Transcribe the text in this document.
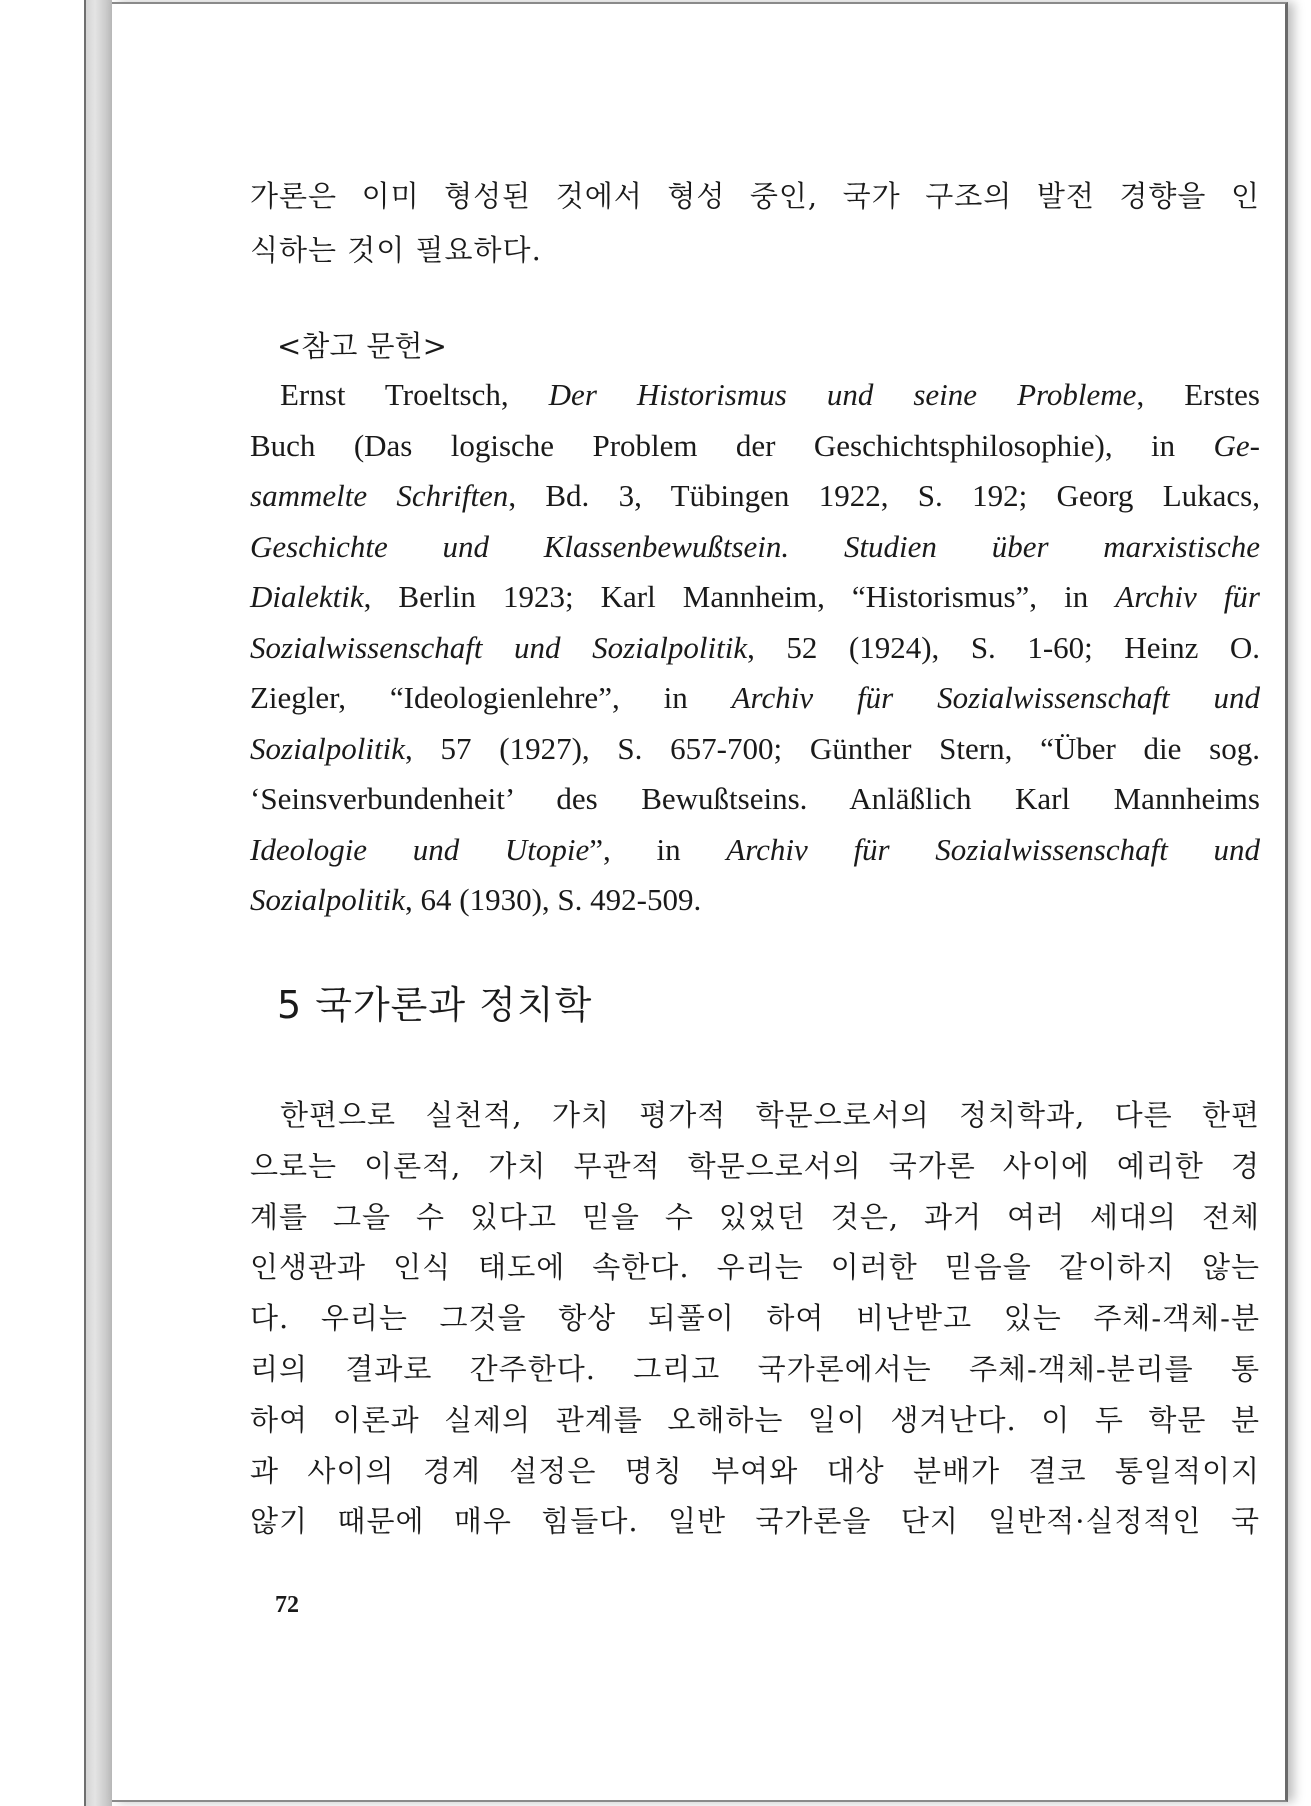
가론은 이미 형성된 것에서 형성 중인, 국가 구조의 발전 경향을 인
식하는 것이 필요하다.

<참고 문헌>

Ernst Troeltsch, Der Historismus und seine Probleme, Erstes
Buch (Das logische Problem der Geschichtsphilosophie), in Ge-
sammelte Schriften, Bd. 3, Tübingen 1922, S. 192; Georg Lukacs,
Geschichte und Klassenbewußtsein. Studien über marxistische
Dialektik, Berlin 1923; Karl Mannheim, “Historismus”, in Archiv für
Sozialwissenschaft und Sozialpolitik, 52 (1924), S. 1-60; Heinz O.
Ziegler, “Ideologienlehre”, in Archiv für Sozialwissenschaft und
Sozialpolitik, 57 (1927), S. 657-700; Günther Stern, “Über die sog.
‘Seinsverbundenheit’ des Bewußtseins. Anläßlich Karl Mannheims
Ideologie und Utopie”, in Archiv für Sozialwissenschaft und
Sozialpolitik, 64 (1930), S. 492-509.
5 국가론과 정치학
한편으로 실천적, 가치 평가적 학문으로서의 정치학과, 다른 한편
으로는 이론적, 가치 무관적 학문으로서의 국가론 사이에 예리한 경
계를 그을 수 있다고 믿을 수 있었던 것은, 과거 여러 세대의 전체
인생관과 인식 태도에 속한다. 우리는 이러한 믿음을 같이하지 않는
다. 우리는 그것을 항상 되풀이 하여 비난받고 있는 주체-객체-분
리의 결과로 간주한다. 그리고 국가론에서는 주체-객체-분리를 통
하여 이론과 실제의 관계를 오해하는 일이 생겨난다. 이 두 학문 분
과 사이의 경계 설정은 명칭 부여와 대상 분배가 결코 통일적이지
않기 때문에 매우 힘들다. 일반 국가론을 단지 일반적·실정적인 국

72
